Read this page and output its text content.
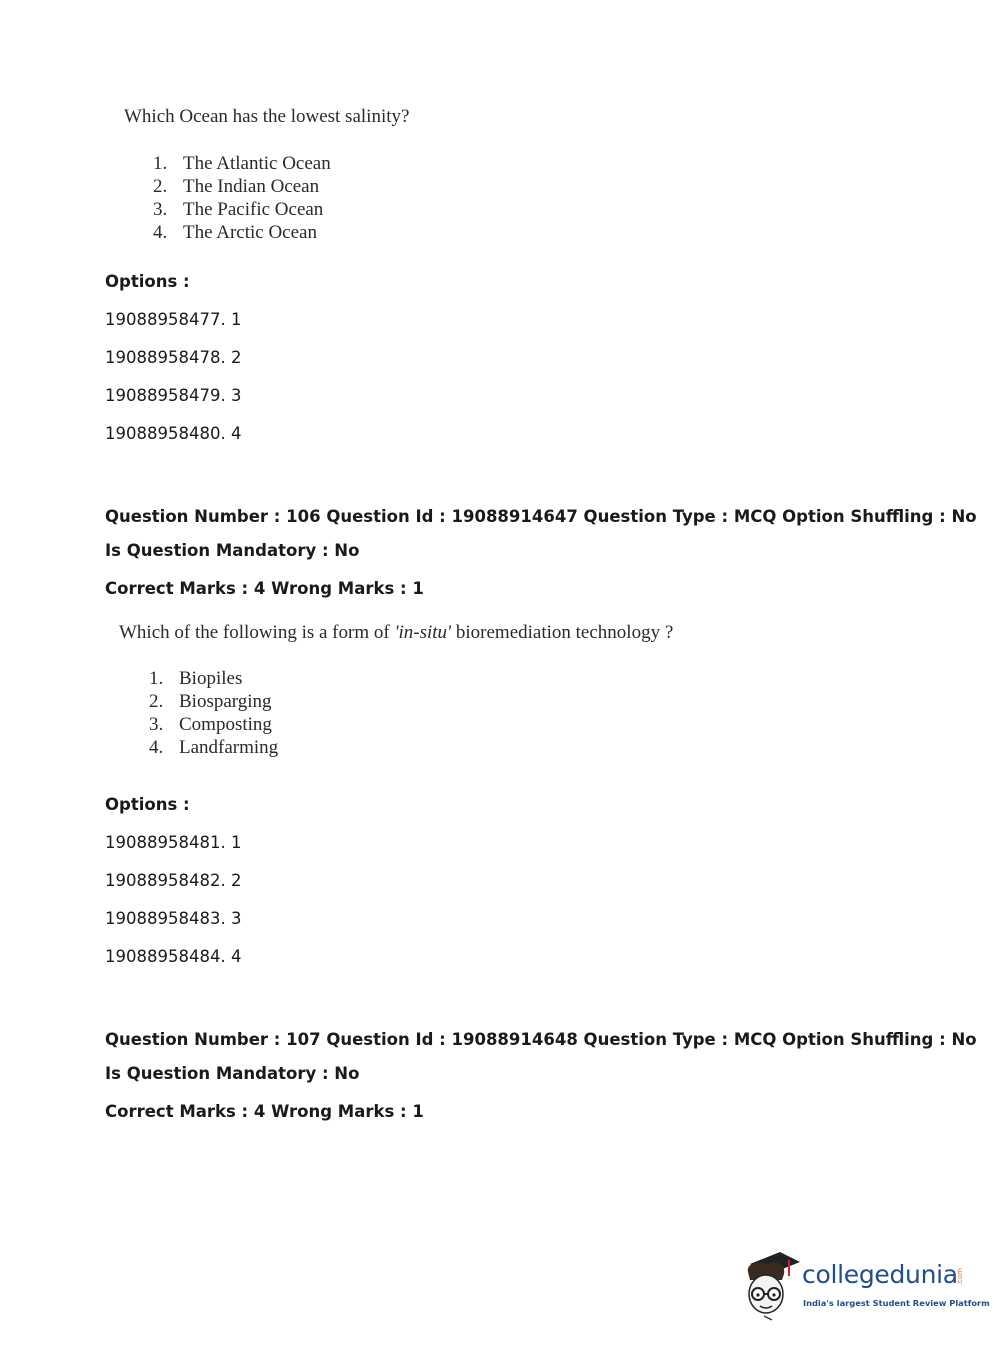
Which Ocean has the lowest salinity?
1. The Atlantic Ocean
2. The Indian Ocean
3. The Pacific Ocean
4. The Arctic Ocean
Options :
19088958477. 1
19088958478. 2
19088958479. 3
19088958480. 4
Question Number : 106 Question Id : 19088914647 Question Type : MCQ Option Shuffling : No
Is Question Mandatory : No
Correct Marks : 4 Wrong Marks : 1
Which of the following is a form of 'in-situ' bioremediation technology ?
1. Biopiles
2. Biosparging
3. Composting
4. Landfarming
Options :
19088958481. 1
19088958482. 2
19088958483. 3
19088958484. 4
Question Number : 107 Question Id : 19088914648 Question Type : MCQ Option Shuffling : No
Is Question Mandatory : No
Correct Marks : 4 Wrong Marks : 1
collegedunia
.com
India's largest Student Review Platform
